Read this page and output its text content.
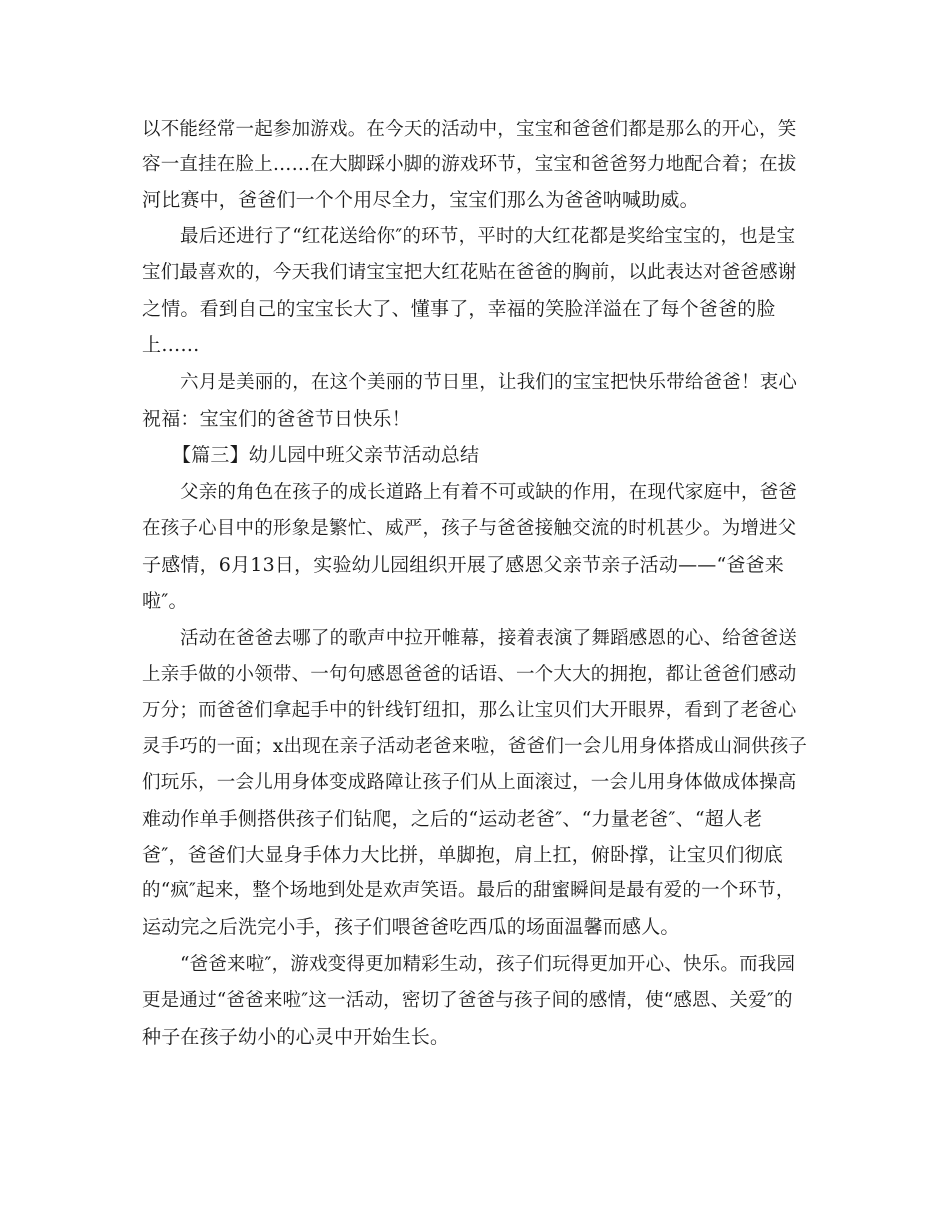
以不能经常一起参加游戏。在今天的活动中，宝宝和爸爸们都是那么的开心，笑
容一直挂在脸上……在大脚踩小脚的游戏环节，宝宝和爸爸努力地配合着；在拔
河比赛中，爸爸们一个个用尽全力，宝宝们那么为爸爸呐喊助威。
最后还进行了“红花送给你″的环节，平时的大红花都是奖给宝宝的，也是宝
宝们最喜欢的，今天我们请宝宝把大红花贴在爸爸的胸前，以此表达对爸爸感谢
之情。看到自己的宝宝长大了、懂事了，幸福的笑脸洋溢在了每个爸爸的脸
上……
六月是美丽的，在这个美丽的节日里，让我们的宝宝把快乐带给爸爸！衷心
祝福：宝宝们的爸爸节日快乐！
【篇三】幼儿园中班父亲节活动总结
父亲的角色在孩子的成长道路上有着不可或缺的作用，在现代家庭中，爸爸
在孩子心目中的形象是繁忙、威严，孩子与爸爸接触交流的时机甚少。为增进父
子感情，6月13日，实验幼儿园组织开展了感恩父亲节亲子活动——“爸爸来
啦″。
活动在爸爸去哪了的歌声中拉开帷幕，接着表演了舞蹈感恩的心、给爸爸送
上亲手做的小领带、一句句感恩爸爸的话语、一个大大的拥抱，都让爸爸们感动
万分；而爸爸们拿起手中的针线钉纽扣，那么让宝贝们大开眼界，看到了老爸心
灵手巧的一面；x出现在亲子活动老爸来啦，爸爸们一会儿用身体搭成山洞供孩子
们玩乐，一会儿用身体变成路障让孩子们从上面滚过，一会儿用身体做成体操高
难动作单手侧搭供孩子们钻爬，之后的“运动老爸″、“力量老爸″、“超人老
爸″，爸爸们大显身手体力大比拼，单脚抱，肩上扛，俯卧撑，让宝贝们彻底
的“疯″起来，整个场地到处是欢声笑语。最后的甜蜜瞬间是最有爱的一个环节，
运动完之后洗完小手，孩子们喂爸爸吃西瓜的场面温馨而感人。
“爸爸来啦″，游戏变得更加精彩生动，孩子们玩得更加开心、快乐。而我园
更是通过“爸爸来啦″这一活动，密切了爸爸与孩子间的感情，使“感恩、关爱″的
种子在孩子幼小的心灵中开始生长。
